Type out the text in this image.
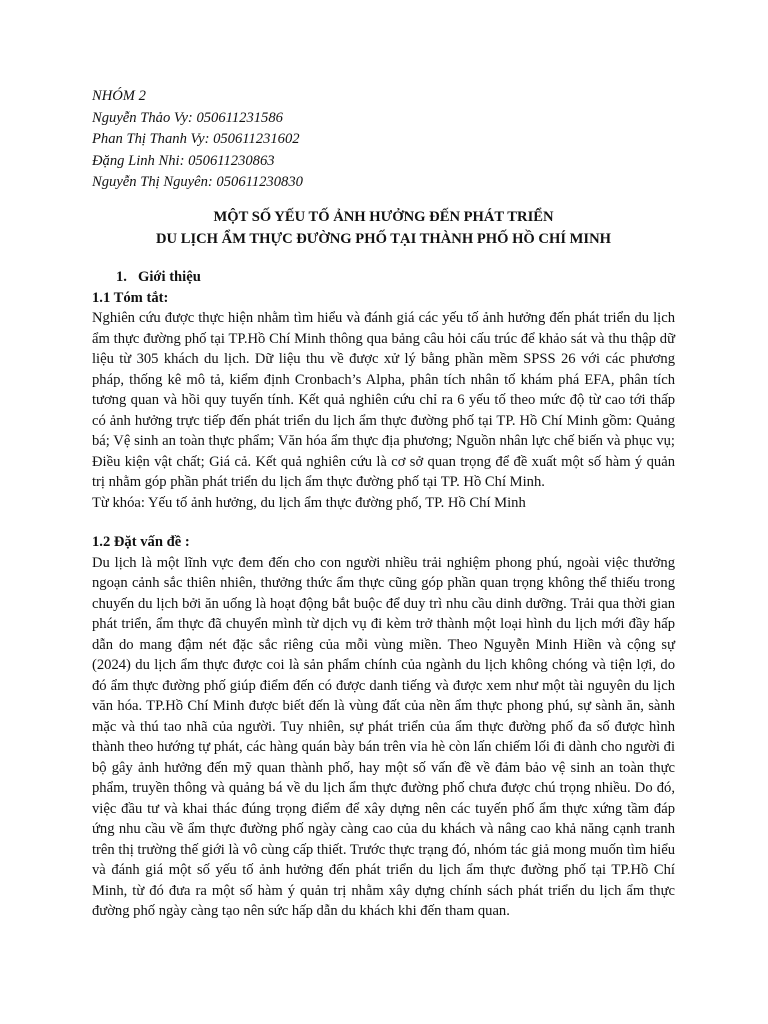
NHÓM 2

Nguyễn Thảo Vy: 050611231586

Phan Thị Thanh Vy: 050611231602

Đặng Linh Nhi: 050611230863

Nguyễn Thị Nguyên: 050611230830

MỘT SỐ YẾU TỐ ẢNH HƯỞNG ĐẾN PHÁT TRIỂN

DU LỊCH ẨM THỰC ĐƯỜNG PHỐ TẠI THÀNH PHỐ HỒ CHÍ MINH

1. Giới thiệu

1.1 Tóm tắt:

Nghiên cứu được thực hiện nhằm tìm hiểu và đánh giá các yếu tố ảnh hưởng đến phát triển du lịch ẩm thực đường phố tại TP.Hồ Chí Minh thông qua bảng câu hỏi cấu trúc để khảo sát và thu thập dữ liệu từ 305 khách du lịch. Dữ liệu thu về được xử lý bằng phần mềm SPSS 26 với các phương pháp, thống kê mô tả, kiểm định Cronbach’s Alpha, phân tích nhân tố khám phá EFA, phân tích tương quan và hồi quy tuyến tính. Kết quả nghiên cứu chỉ ra 6 yếu tố theo mức độ từ cao tới thấp có ảnh hưởng trực tiếp đến phát triển du lịch ẩm thực đường phố tại TP. Hồ Chí Minh gồm: Quảng bá; Vệ sinh an toàn thực phẩm; Văn hóa ẩm thực địa phương; Nguồn nhân lực chế biến và phục vụ; Điều kiện vật chất; Giá cả. Kết quả nghiên cứu là cơ sở quan trọng để đề xuất một số hàm ý quản trị nhằm góp phần phát triển du lịch ẩm thực đường phố tại TP. Hồ Chí Minh.

Từ khóa: Yếu tố ảnh hưởng, du lịch ẩm thực đường phố, TP. Hồ Chí Minh

1.2 Đặt vấn đề :

Du lịch là một lĩnh vực đem đến cho con người nhiều trải nghiệm phong phú, ngoài việc thưởng ngoạn cảnh sắc thiên nhiên, thưởng thức ẩm thực cũng góp phần quan trọng không thể thiếu trong chuyến du lịch bởi ăn uống là hoạt động bắt buộc để duy trì nhu cầu dinh dưỡng. Trải qua thời gian phát triển, ẩm thực đã chuyển mình từ dịch vụ đi kèm trở thành một loại hình du lịch mới đầy hấp dẫn do mang đậm nét đặc sắc riêng của mỗi vùng miền. Theo Nguyễn Minh Hiền và cộng sự (2024) du lịch ẩm thực được coi là sản phẩm chính của ngành du lịch không chóng và tiện lợi, do đó ẩm thực đường phố giúp điểm đến có được danh tiếng và được xem như một tài nguyên du lịch văn hóa. TP.Hồ Chí Minh được biết đến là vùng đất của nền ẩm thực phong phú, sự sành ăn, sành mặc và thú tao nhã của người. Tuy nhiên, sự phát triển của ẩm thực đường phố đa số được hình thành theo hướng tự phát, các hàng quán bày bán trên vỉa hè còn lấn chiếm lối đi dành cho người đi bộ gây ảnh hưởng đến mỹ quan thành phố, hay một số vấn đề về đảm bảo vệ sinh an toàn thực phẩm, truyền thông và quảng bá về du lịch ẩm thực đường phố chưa được chú trọng nhiều. Do đó, việc đầu tư và khai thác đúng trọng điểm để xây dựng nên các tuyến phố ẩm thực xứng tầm đáp ứng nhu cầu về ẩm thực đường phố ngày càng cao của du khách và nâng cao khả năng cạnh tranh trên thị trường thế giới là vô cùng cấp thiết. Trước thực trạng đó, nhóm tác giả mong muốn tìm hiểu và đánh giá một số yếu tố ảnh hưởng đến phát triển du lịch ẩm thực đường phố tại TP.Hồ Chí Minh, từ đó đưa ra một số hàm ý quản trị nhằm xây dựng chính sách phát triển du lịch ẩm thực đường phố ngày càng tạo nên sức hấp dẫn du khách khi đến tham quan.
